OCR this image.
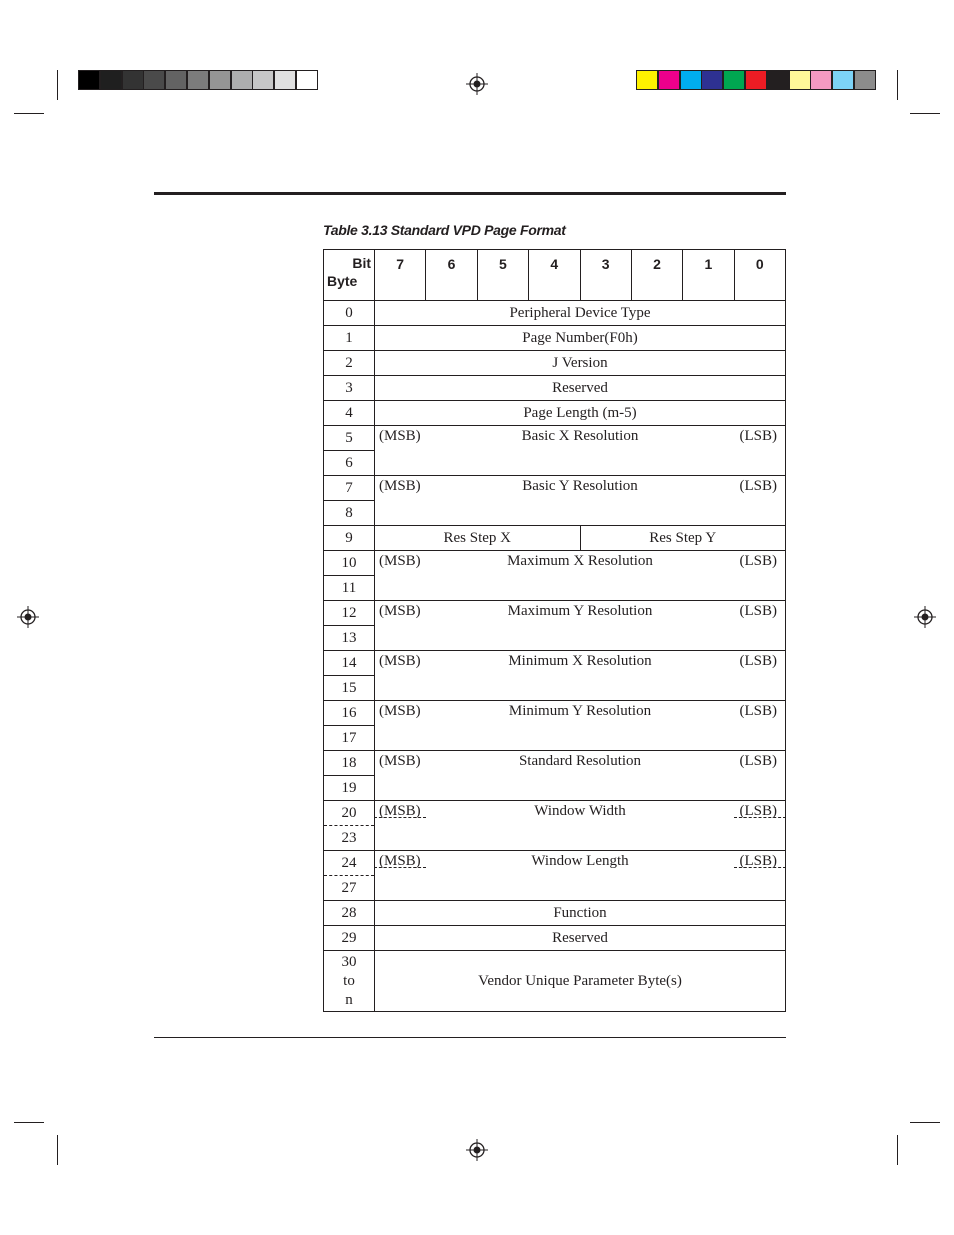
Table 3.13 Standard VPD Page Format
Bit
Byte	7	6	5	4	3	2	1	0
0	Peripheral Device Type							
1	Page Number(F0h)							
2	J Version							
3	Reserved							
4	Page Length (m-5)							
5	(MSB) Basic X Resolution (LSB)							

6								
7	(MSB) Basic Y Resolution (LSB)							

8								
9	Res Step X				Res Step Y			
10	(MSB) Maximum X Resolution (LSB)							

11								
12	(MSB) Maximum Y Resolution (LSB)							

13								
14	(MSB) Minimum X Resolution (LSB)							

15								
16	(MSB) Minimum Y Resolution (LSB)							

17								
18	(MSB) Standard Resolution (LSB)							

19								
20	(MSB) Window Width (LSB)							

23								
24	(MSB) Window Length (LSB)							

27								
28	Function							
29	Reserved							

30
to
n	Vendor Unique Parameter Byte(s)							
